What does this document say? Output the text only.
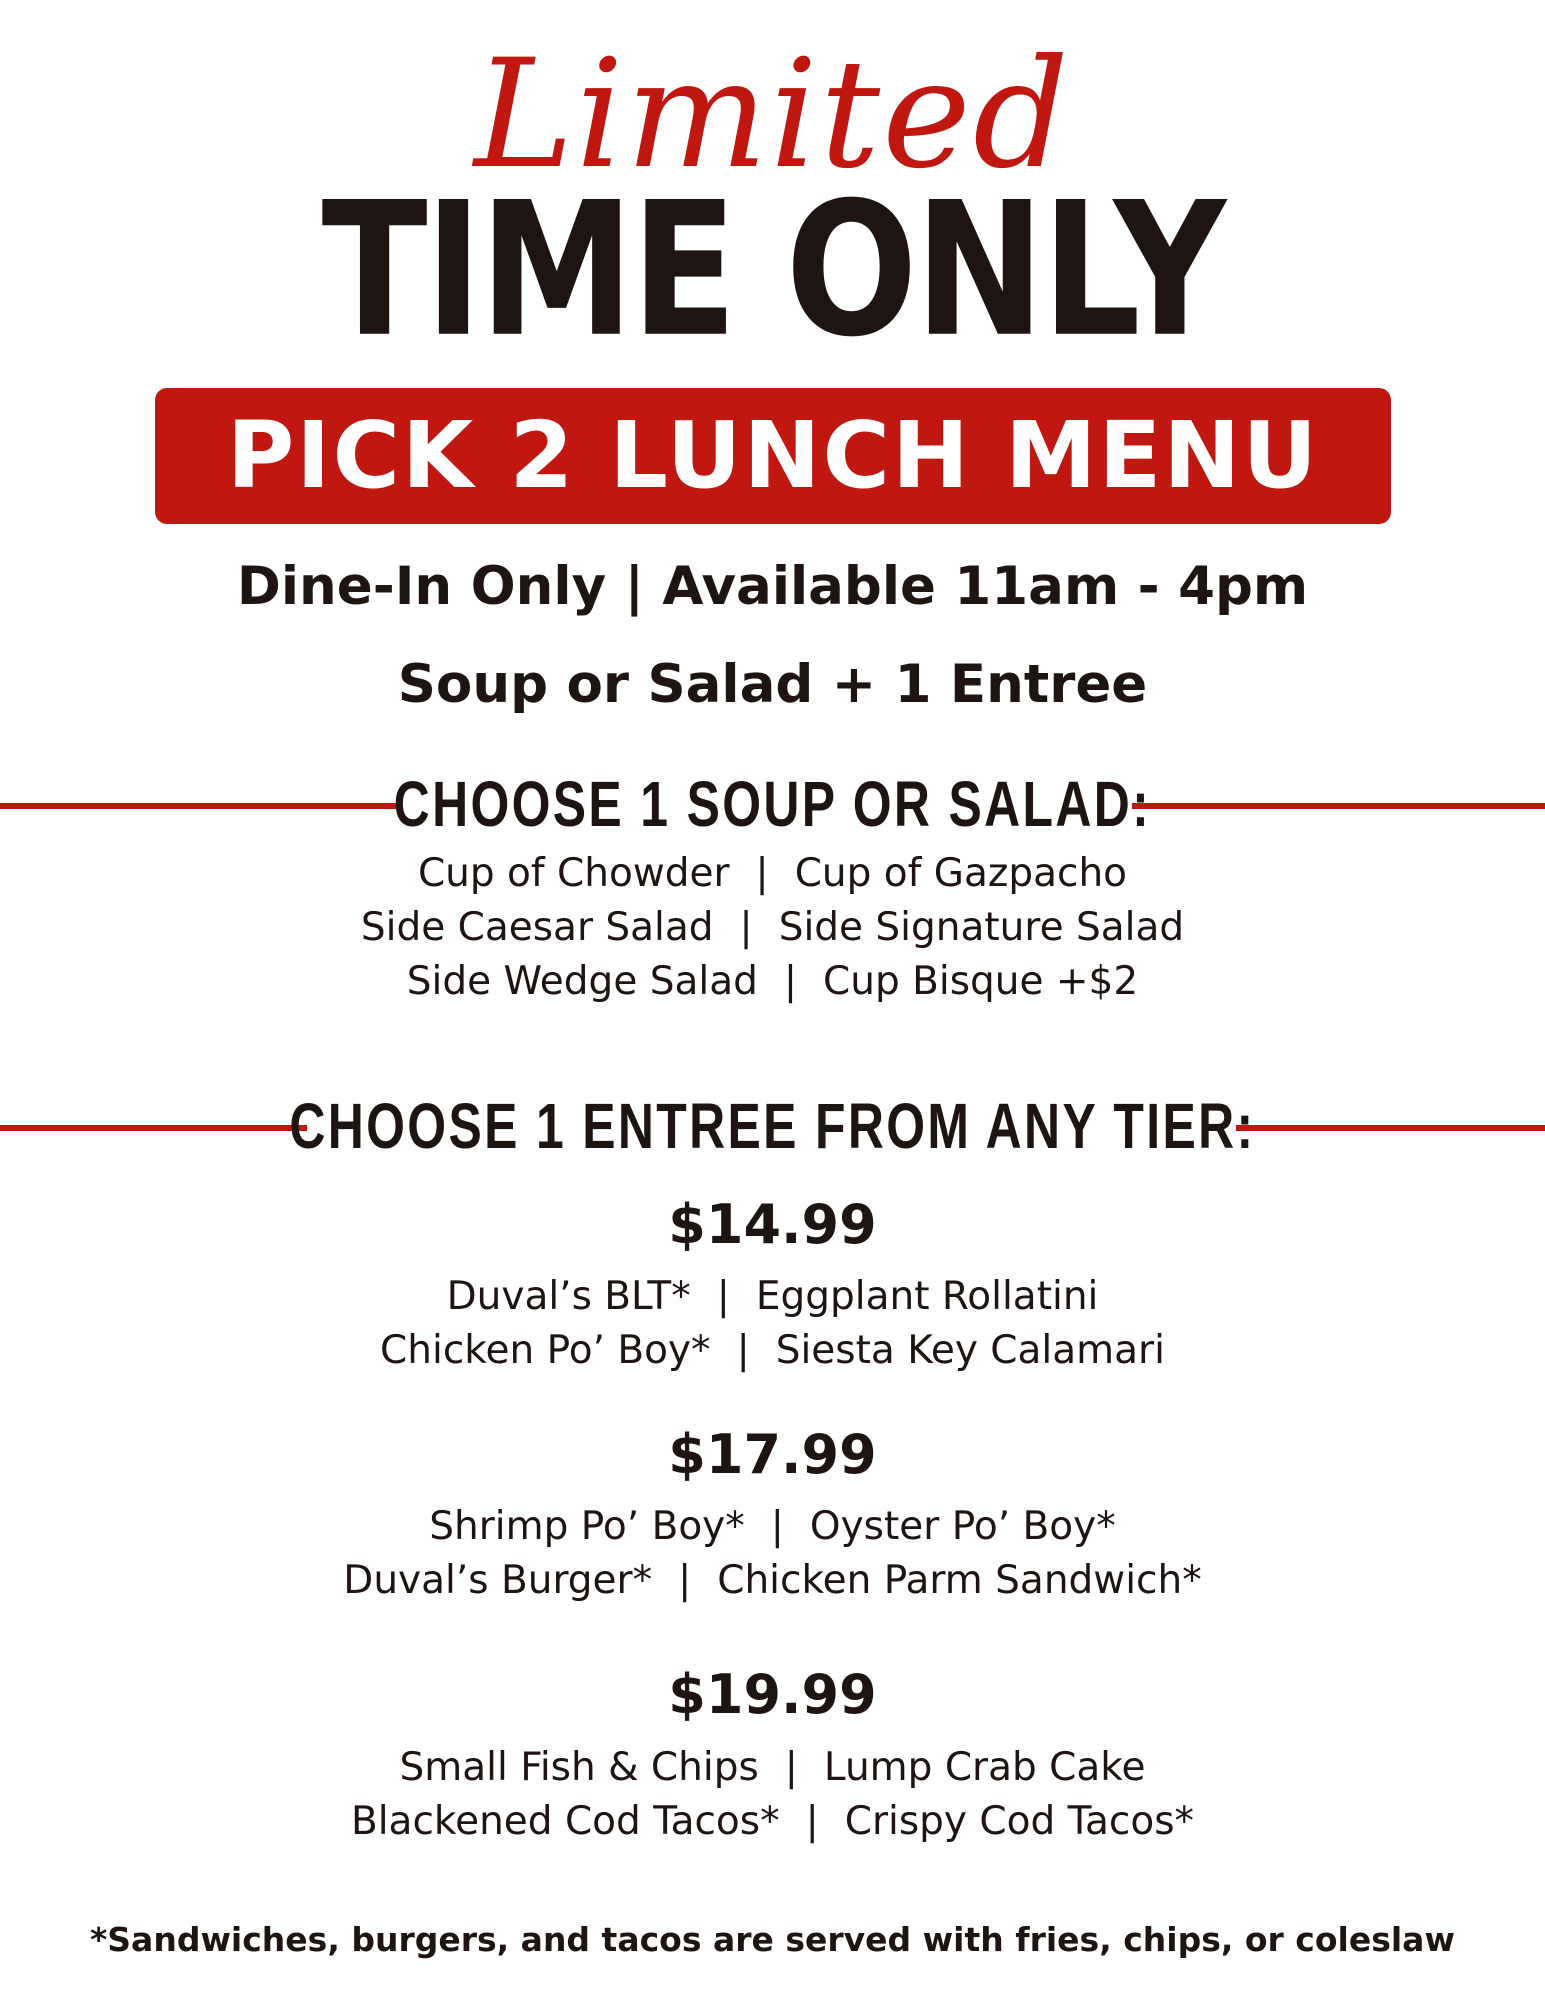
Limited
TIME ONLY
PICK 2 LUNCH MENU
Dine-In Only | Available 11am - 4pm
Soup or Salad + 1 Entree
CHOOSE 1 SOUP OR SALAD:
Cup of Chowder | Cup of Gazpacho
Side Caesar Salad | Side Signature Salad
Side Wedge Salad | Cup Bisque +$2
CHOOSE 1 ENTREE FROM ANY TIER:
$14.99
Duval’s BLT* | Eggplant Rollatini
Chicken Po’ Boy* | Siesta Key Calamari
$17.99
Shrimp Po’ Boy* | Oyster Po’ Boy*
Duval’s Burger* | Chicken Parm Sandwich*
$19.99
Small Fish & Chips | Lump Crab Cake
Blackened Cod Tacos* | Crispy Cod Tacos*
*Sandwiches, burgers, and tacos are served with fries, chips, or coleslaw
